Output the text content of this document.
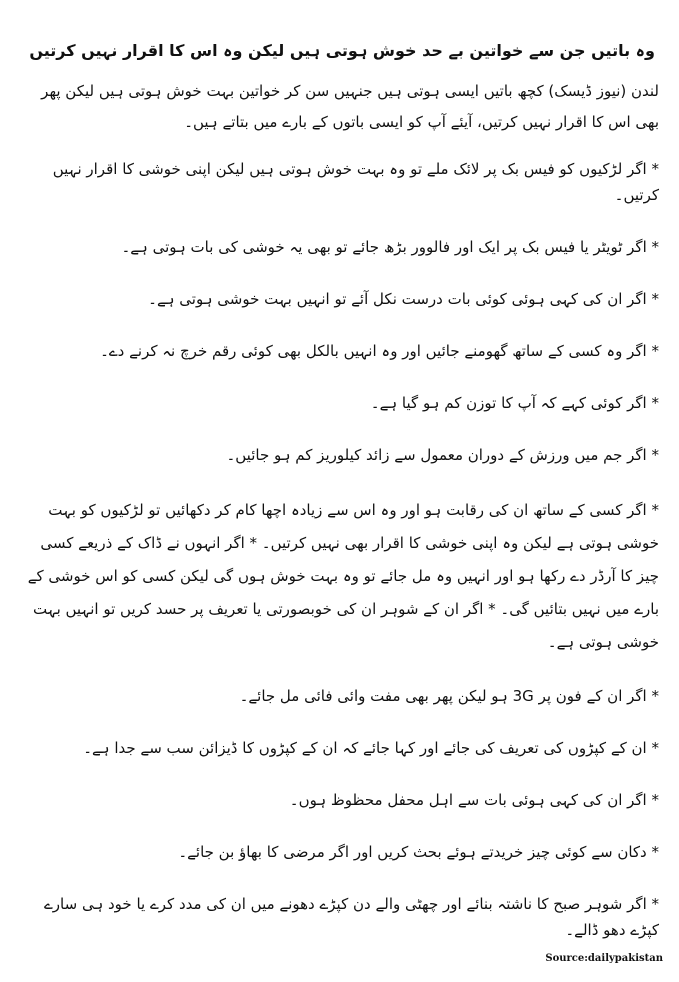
وہ باتیں جن سے خواتین بے حد خوش ہوتی ہیں لیکن وہ اس کا اقرار نہیں کرتیں
لندن (نیوز ڈیسک) کچھ باتیں ایسی ہوتی ہیں جنہیں سن کر خواتین بہت خوش ہوتی ہیں لیکن پھر بھی اس کا اقرار نہیں کرتیں، آیئے آپ کو ایسی باتوں کے بارے میں بتاتے ہیں۔
* اگر لڑکیوں کو فیس بک پر لائک ملے تو وہ بہت خوش ہوتی ہیں لیکن اپنی خوشی کا اقرار نہیں کرتیں۔
* اگر ٹویٹر یا فیس بک پر ایک اور فالوور بڑھ جائے تو بھی یہ خوشی کی بات ہوتی ہے۔
* اگر ان کی کہی ہوئی کوئی بات درست نکل آئے تو انہیں بہت خوشی ہوتی ہے۔
* اگر وہ کسی کے ساتھ گھومنے جائیں اور وہ انہیں بالکل بھی کوئی رقم خرچ نہ کرنے دے۔
* اگر کوئی کہے کہ آپ کا توزن کم ہو گیا ہے۔
* اگر جم میں ورزش کے دوران معمول سے زائد کیلوریز کم ہو جائیں۔
* اگر کسی کے ساتھ ان کی رقابت ہو اور وہ اس سے زیادہ اچھا کام کر دکھائیں تو لڑکیوں کو بہت خوشی ہوتی ہے لیکن وہ اپنی خوشی کا اقرار بھی نہیں کرتیں۔ * اگر انہوں نے ڈاک کے ذریعے کسی چیز کا آرڈر دے رکھا ہو اور انہیں وہ مل جائے تو وہ بہت خوش ہوں گی لیکن کسی کو اس خوشی کے بارے میں نہیں بتائیں گی۔ * اگر ان کے شوہر ان کی خوبصورتی یا تعریف پر حسد کریں تو انہیں بہت خوشی ہوتی ہے۔
* اگر ان کے فون پر 3G ہو لیکن پھر بھی مفت وائی فائی مل جائے۔
* ان کے کپڑوں کی تعریف کی جائے اور کہا جائے کہ ان کے کپڑوں کا ڈیزائن سب سے جدا ہے۔
* اگر ان کی کہی ہوئی بات سے اہل محفل محظوظ ہوں۔
* دکان سے کوئی چیز خریدتے ہوئے بحث کریں اور اگر مرضی کا بھاؤ بن جائے۔
* اگر شوہر صبح کا ناشتہ بنائے اور چھٹی والے دن کپڑے دھونے میں ان کی مدد کرے یا خود ہی سارے کپڑے دھو ڈالے۔
Source:dailypakistan
